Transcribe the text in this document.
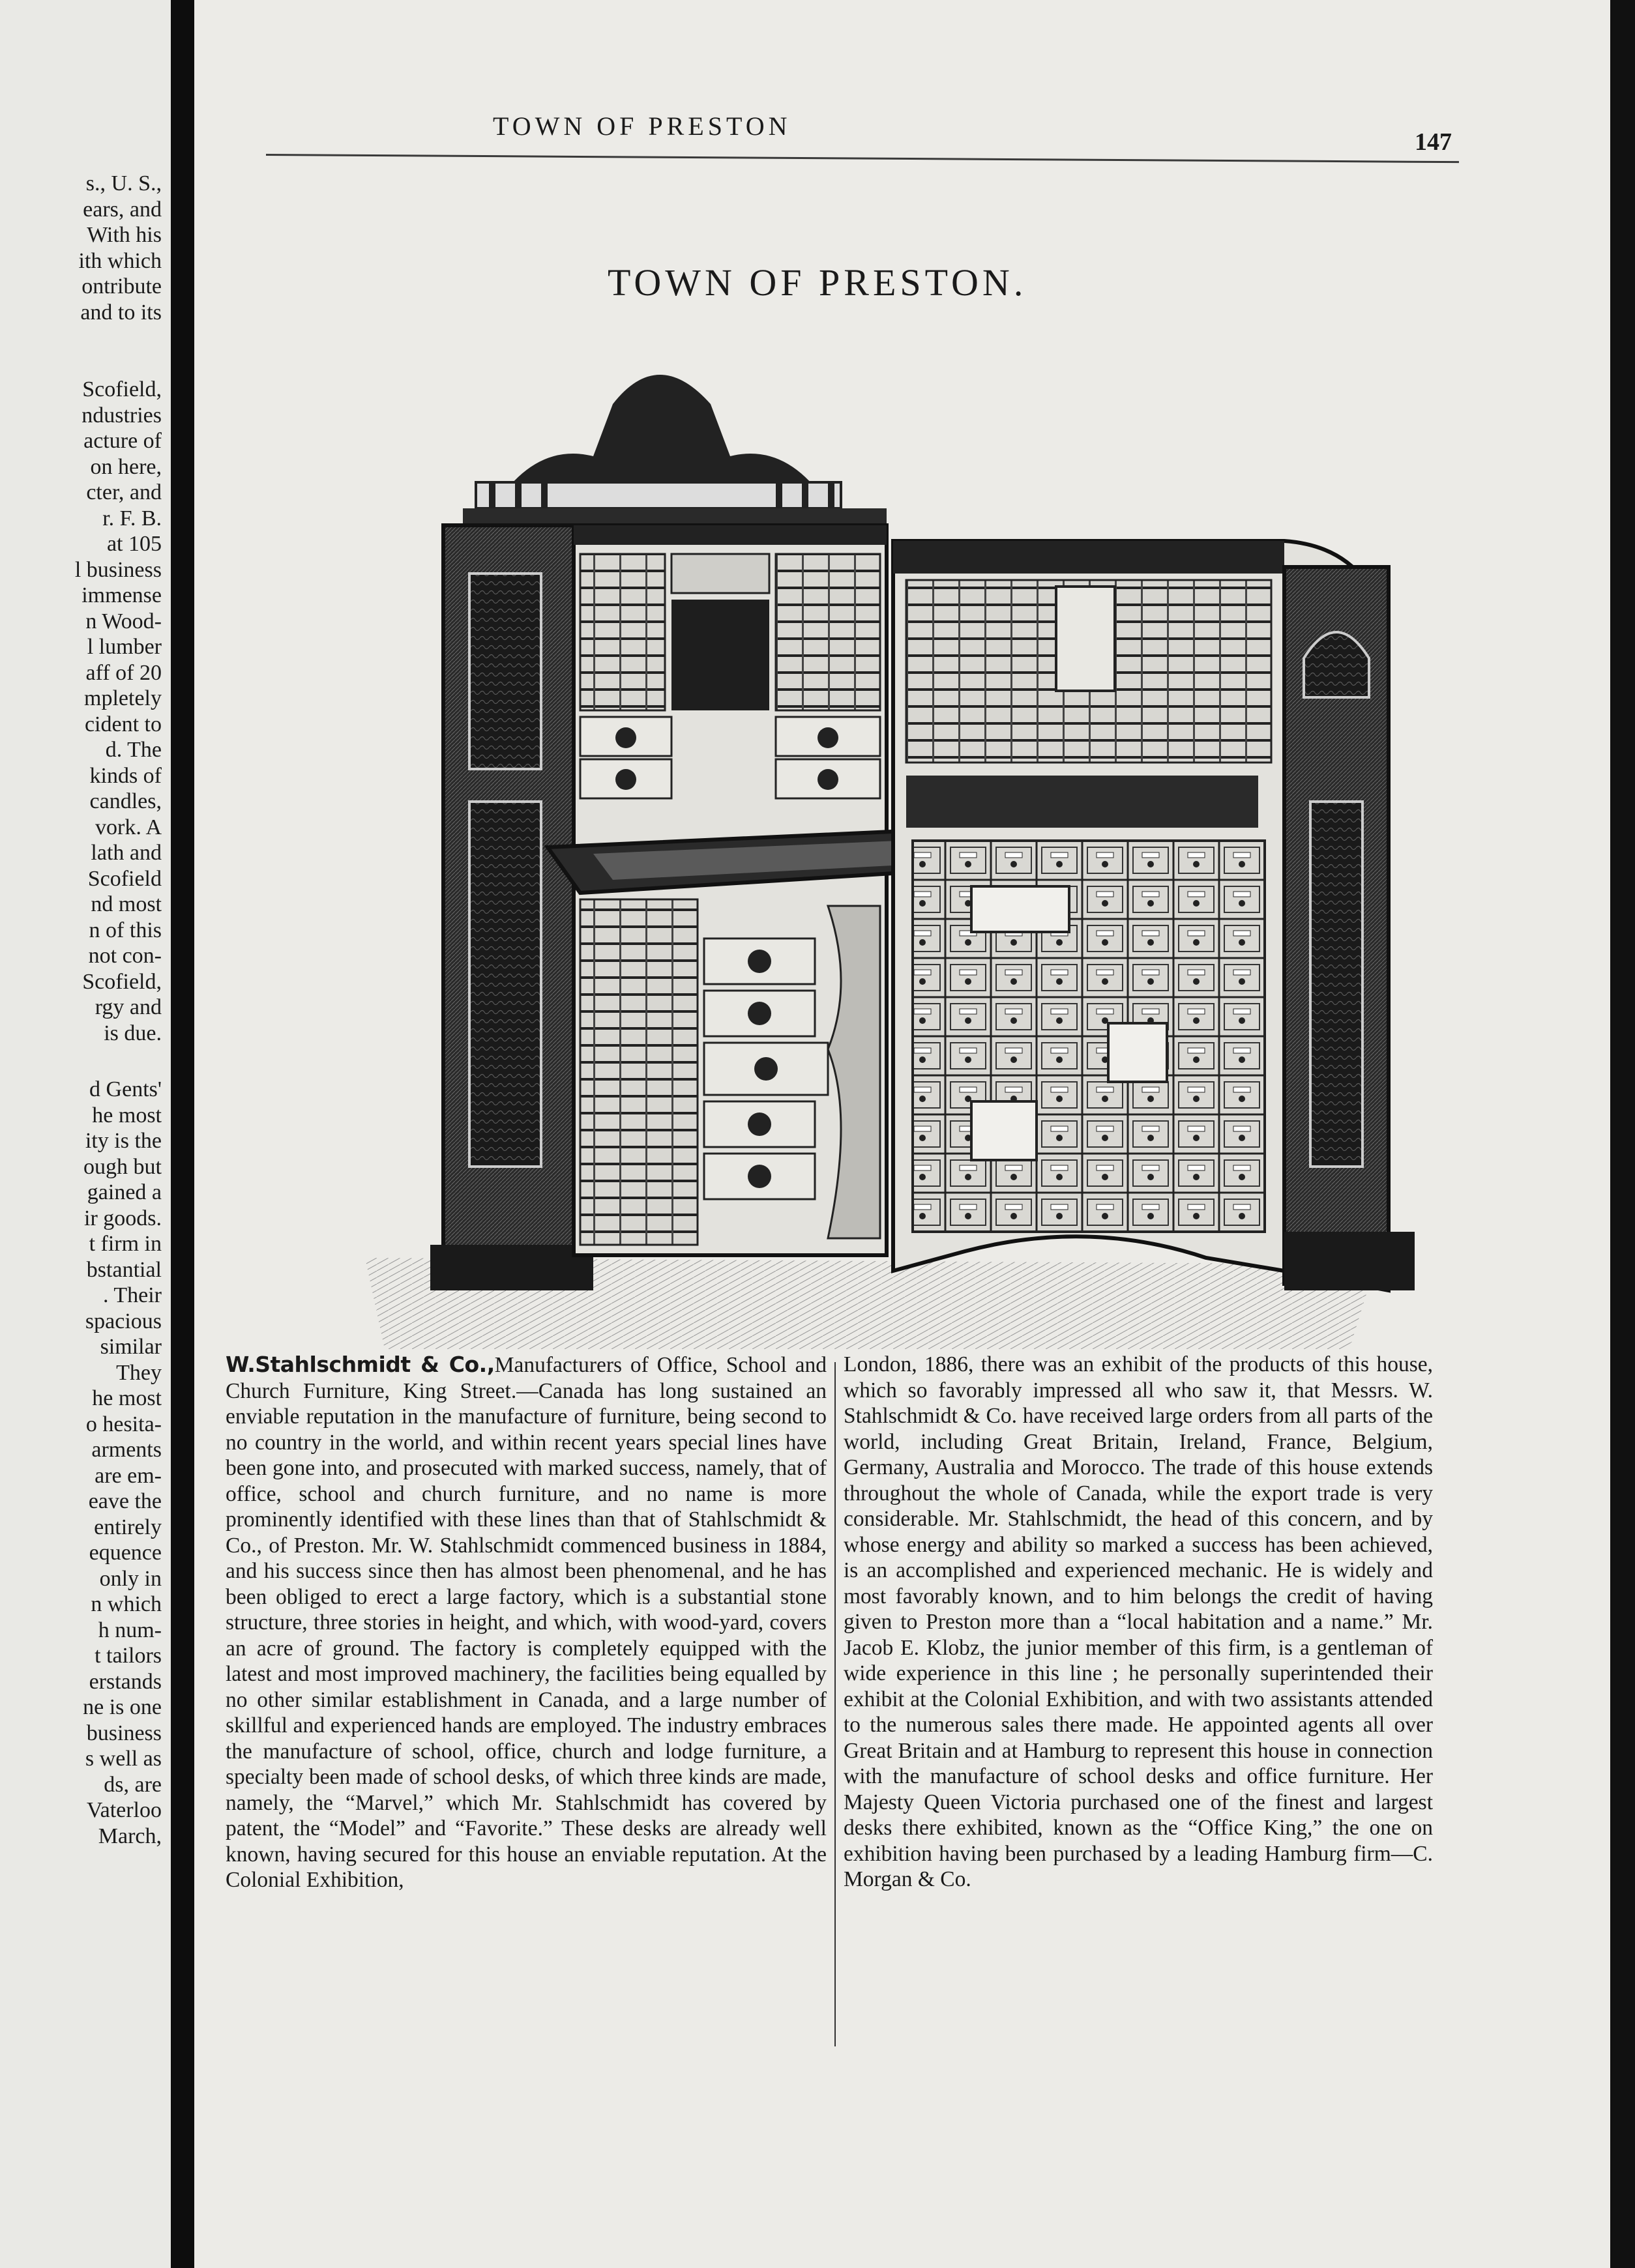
s., U. S.,
ears, and
With his
ith which
ontribute
and to its
Scofield,
ndustries
acture of
on here,
cter, and
r. F. B.
at 105
l business
immense
n Wood-
l lumber
aff of 20
mpletely
cident to
d. The
kinds of
candles,
vork. A
lath and
Scofield
nd most
n of this
not con-
Scofield,
rgy and
is due.
d Gents'
he most
ity is the
ough but
gained a
ir goods.
t firm in
bstantial
. Their
spacious
similar
They
he most
o hesita-
arments
are em-
eave the
entirely
equence
only in
n which
h num-
t tailors
erstands
ne is one
business
s well as
ds, are
Vaterloo
March,
TOWN OF PRESTON
147
TOWN OF PRESTON.

W.Stahlschmidt & Co.,Manufacturers of Office, School and Church Furniture, King Street.—Canada has long sustained an enviable reputation in the manufacture of furniture, being second to no country in the world, and within recent years special lines have been gone into, and prosecuted with marked success, namely, that of office, school and church furniture, and no name is more prominently identified with these lines than that of Stahlschmidt & Co., of Preston. Mr. W. Stahlschmidt commenced business in 1884, and his success since then has almost been phenomenal, and he has been obliged to erect a large factory, which is a substantial stone structure, three stories in height, and which, with wood-yard, covers an acre of ground. The factory is completely equipped with the latest and most improved machinery, the facilities being equalled by no other similar establishment in Canada, and a large number of skillful and experienced hands are employed. The industry embraces the manufacture of school, office, church and lodge furniture, a specialty been made of school desks, of which three kinds are made, namely, the “Marvel,” which Mr. Stahlschmidt has covered by patent, the “Model” and “Favorite.” These desks are already well known, having secured for this house an enviable reputation. At the Colonial Exhibition,

London, 1886, there was an exhibit of the products of this house, which so favorably impressed all who saw it, that Messrs. W. Stahlschmidt & Co. have received large orders from all parts of the world, including Great Britain, Ireland, France, Belgium, Germany, Australia and Morocco. The trade of this house extends throughout the whole of Canada, while the export trade is very considerable. Mr. Stahlschmidt, the head of this concern, and by whose energy and ability so marked a success has been achieved, is an accomplished and experienced mechanic. He is widely and most favorably known, and to him belongs the credit of having given to Preston more than a “local habitation and a name.” Mr. Jacob E. Klobz, the junior member of this firm, is a gentleman of wide experience in this line ; he personally superintended their exhibit at the Colonial Exhibition, and with two assistants attended to the numerous sales there made. He appointed agents all over Great Britain and at Hamburg to represent this house in connection with the manufacture of school desks and office furniture. Her Majesty Queen Victoria purchased one of the finest and largest desks there exhibited, known as the “Office King,” the one on exhibition having been purchased by a leading Hamburg firm—C. Morgan & Co.
